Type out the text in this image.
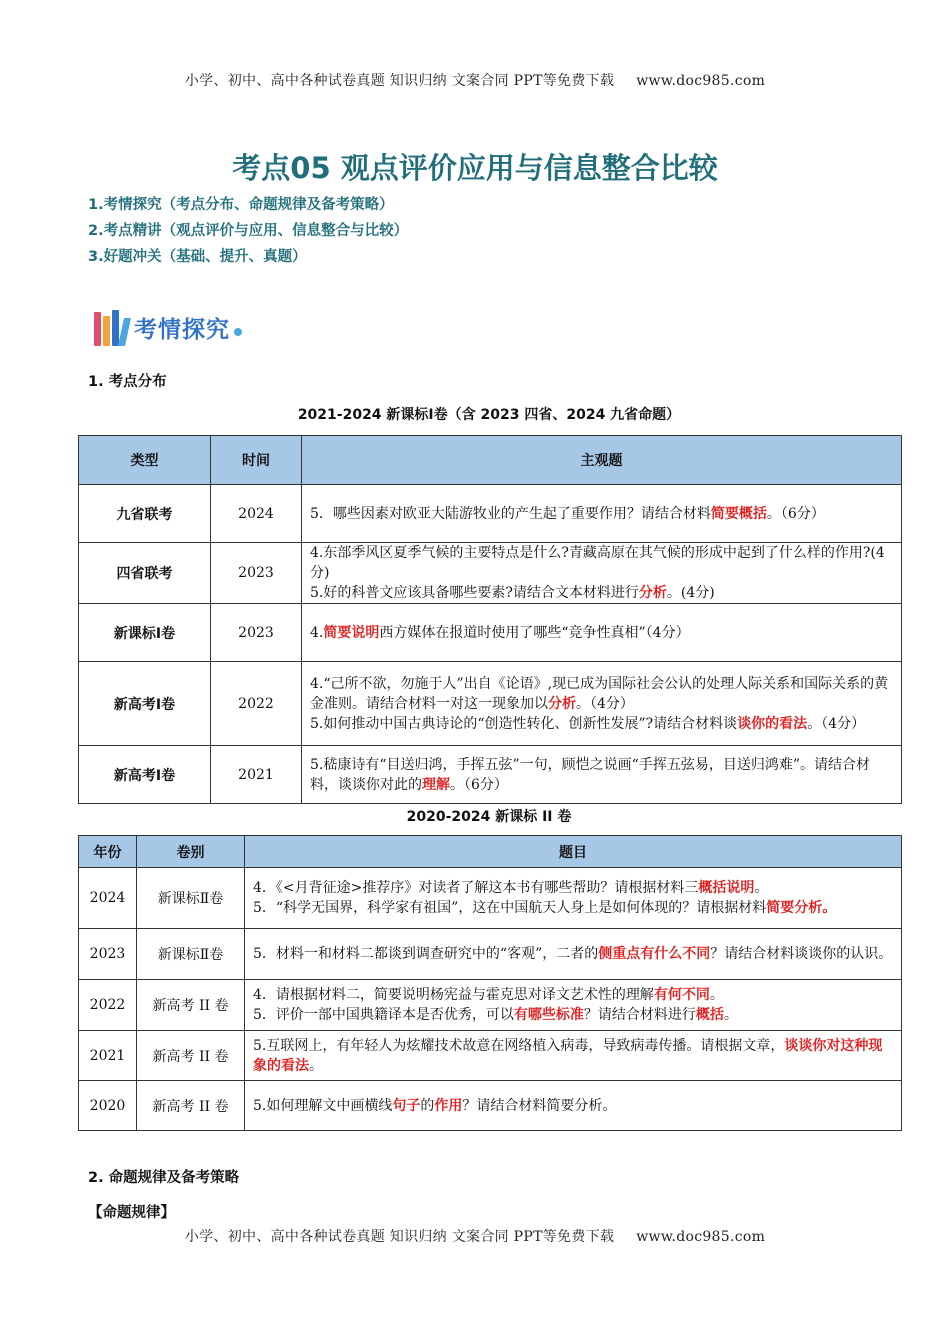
小学、初中、高中各种试卷真题 知识归纳 文案合同 PPT等免费下载 www.doc985.com
考点05 观点评价应用与信息整合比较
1.考情探究（考点分布、命题规律及备考策略）
2.考点精讲（观点评价与应用、信息整合与比较）
3.好题冲关（基础、提升、真题）
考情探究
1. 考点分布
2021-2024 新课标Ⅰ卷（含 2023 四省、2024 九省命题）
类型	时间	主观题
九省联考	2024	5．哪些因素对欧亚大陆游牧业的产生起了重要作用？请结合材料简要概括。（6分）

四省联考	2023	4.东部季风区夏季气候的主要特点是什么?青藏高原在其气候的形成中起到了什么样的作用?(4分)
5.好的科普文应该具备哪些要素?请结合文本材料进行分析。(4分)

新课标Ⅰ卷	2023	4.简要说明西方媒体在报道时使用了哪些“竞争性真相”（4分）

新高考Ⅰ卷	2022	4.“己所不欲，勿施于人”出自《论语》,现已成为国际社会公认的处理人际关系和国际关系的黄金准则。请结合材料一对这一现象加以分析。（4分）
5.如何推动中国古典诗论的“创造性转化、创新性发展”?请结合材料谈谈你的看法。（4分）

新高考Ⅰ卷	2021	5.嵇康诗有“目送归鸿，手挥五弦”一句，顾恺之说画“手挥五弦易，目送归鸿难”。请结合材料，谈谈你对此的理解。（6分）
2020-2024 新课标 II 卷
年份	卷别	题目
2024	新课标Ⅱ卷	4．《<月背征途>推荐序》对读者了解这本书有哪些帮助？请根据材料三概括说明。
5．“科学无国界，科学家有祖国”，这在中国航天人身上是如何体现的？请根据材料简要分析。

2023	新课标Ⅱ卷	5．材料一和材料二都谈到调查研究中的“客观”，二者的侧重点有什么不同？请结合材料谈谈你的认识。

2022	新高考 II 卷	4．请根据材料二，简要说明杨宪益与霍克思对译文艺术性的理解有何不同。
5．评价一部中国典籍译本是否优秀，可以有哪些标准？请结合材料进行概括。

2021	新高考 II 卷	5.互联网上，有年轻人为炫耀技术故意在网络植入病毒，导致病毒传播。请根据文章，谈谈你对这种现象的看法。

2020	新高考 II 卷	5.如何理解文中画横线句子的作用？请结合材料简要分析。
2. 命题规律及备考策略
【命题规律】
小学、初中、高中各种试卷真题 知识归纳 文案合同 PPT等免费下载 www.doc985.com
